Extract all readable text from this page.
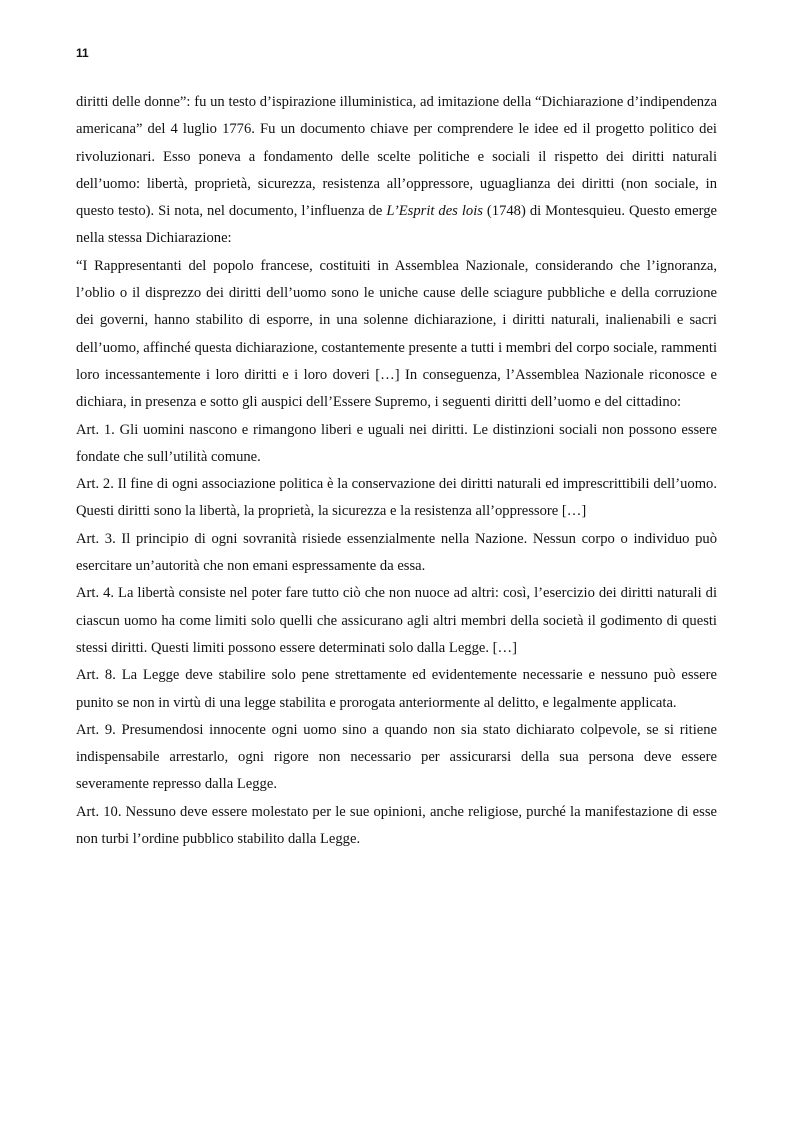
11

diritti delle donne”: fu un testo d’ispirazione illuministica, ad imitazione della “Dichiarazione d’indipendenza americana” del 4 luglio 1776. Fu un documento chiave per comprendere le idee ed il progetto politico dei rivoluzionari. Esso poneva a fondamento delle scelte politiche e sociali il rispetto dei diritti naturali dell’uomo: libertà, proprietà, sicurezza, resistenza all’oppressore, uguaglianza dei diritti (non sociale, in questo testo). Si nota, nel documento, l’influenza de L’Esprit des lois (1748) di Montesquieu. Questo emerge nella stessa Dichiarazione:

“I Rappresentanti del popolo francese, costituiti in Assemblea Nazionale, considerando che l’ignoranza, l’oblio o il disprezzo dei diritti dell’uomo sono le uniche cause delle sciagure pubbliche e della corruzione dei governi, hanno stabilito di esporre, in una solenne dichiarazione, i diritti naturali, inalienabili e sacri dell’uomo, affinché questa dichiarazione, costantemente presente a tutti i membri del corpo sociale, rammenti loro incessantemente i loro diritti e i loro doveri […] In conseguenza, l’Assemblea Nazionale riconosce e dichiara, in presenza e sotto gli auspici dell’Essere Supremo, i seguenti diritti dell’uomo e del cittadino:

Art. 1. Gli uomini nascono e rimangono liberi e uguali nei diritti. Le distinzioni sociali non possono essere fondate che sull’utilità comune.

Art. 2. Il fine di ogni associazione politica è la conservazione dei diritti naturali ed imprescrittibili dell’uomo. Questi diritti sono la libertà, la proprietà, la sicurezza e la resistenza all’oppressore […]

Art. 3. Il principio di ogni sovranità risiede essenzialmente nella Nazione. Nessun corpo o individuo può esercitare un’autorità che non emani espressamente da essa.

Art. 4. La libertà consiste nel poter fare tutto ciò che non nuoce ad altri: così, l’esercizio dei diritti naturali di ciascun uomo ha come limiti solo quelli che assicurano agli altri membri della società il godimento di questi stessi diritti. Questi limiti possono essere determinati solo dalla Legge. […]

Art. 8. La Legge deve stabilire solo pene strettamente ed evidentemente necessarie e nessuno può essere punito se non in virtù di una legge stabilita e prorogata anteriormente al delitto, e legalmente applicata.

Art. 9. Presumendosi innocente ogni uomo sino a quando non sia stato dichiarato colpevole, se si ritiene indispensabile arrestarlo, ogni rigore non necessario per assicurarsi della sua persona deve essere severamente represso dalla Legge.

Art. 10. Nessuno deve essere molestato per le sue opinioni, anche religiose, purché la manifestazione di esse non turbi l’ordine pubblico stabilito dalla Legge.
